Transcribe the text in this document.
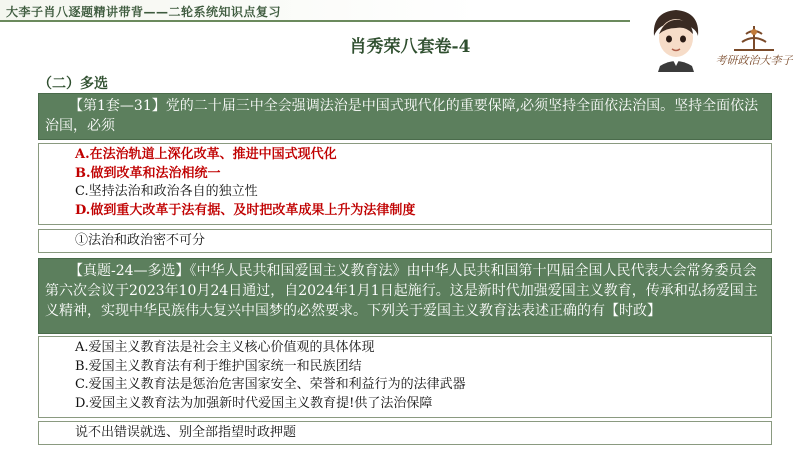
大李子肖八逐题精讲带背——二轮系统知识点复习
肖秀荣八套卷-4
考研政治大李子
（二）多选
【第1套—31】党的二十届三中全会强调法治是中国式现代化的重要保障,必须坚持全面依法治国。坚持全面依法治国，必须
A.在法治轨道上深化改革、推进中国式现代化
B.做到改革和法治相统一
C.坚持法治和政治各自的独立性
D.做到重大改革于法有据、及时把改革成果上升为法律制度
①法治和政治密不可分
【真题-24—多选】《中华人民共和国爱国主义教育法》由中华人民共和国第十四届全国人民代表大会常务委员会第六次会议于2023年10月24日通过，自2024年1月1日起施行。这是新时代加强爱国主义教育，传承和弘扬爱国主义精神，实现中华民族伟大复兴中国梦的必然要求。下列关于爱国主义教育法表述正确的有【时政】
A.爱国主义教育法是社会主义核心价值观的具体体现
B.爱国主义教育法有利于维护国家统一和民族团结
C.爱国主义教育法是惩治危害国家安全、荣誉和利益行为的法律武器
D.爱国主义教育法为加强新时代爱国主义教育提!供了法治保障
说不出错误就选、别全部指望时政押题
